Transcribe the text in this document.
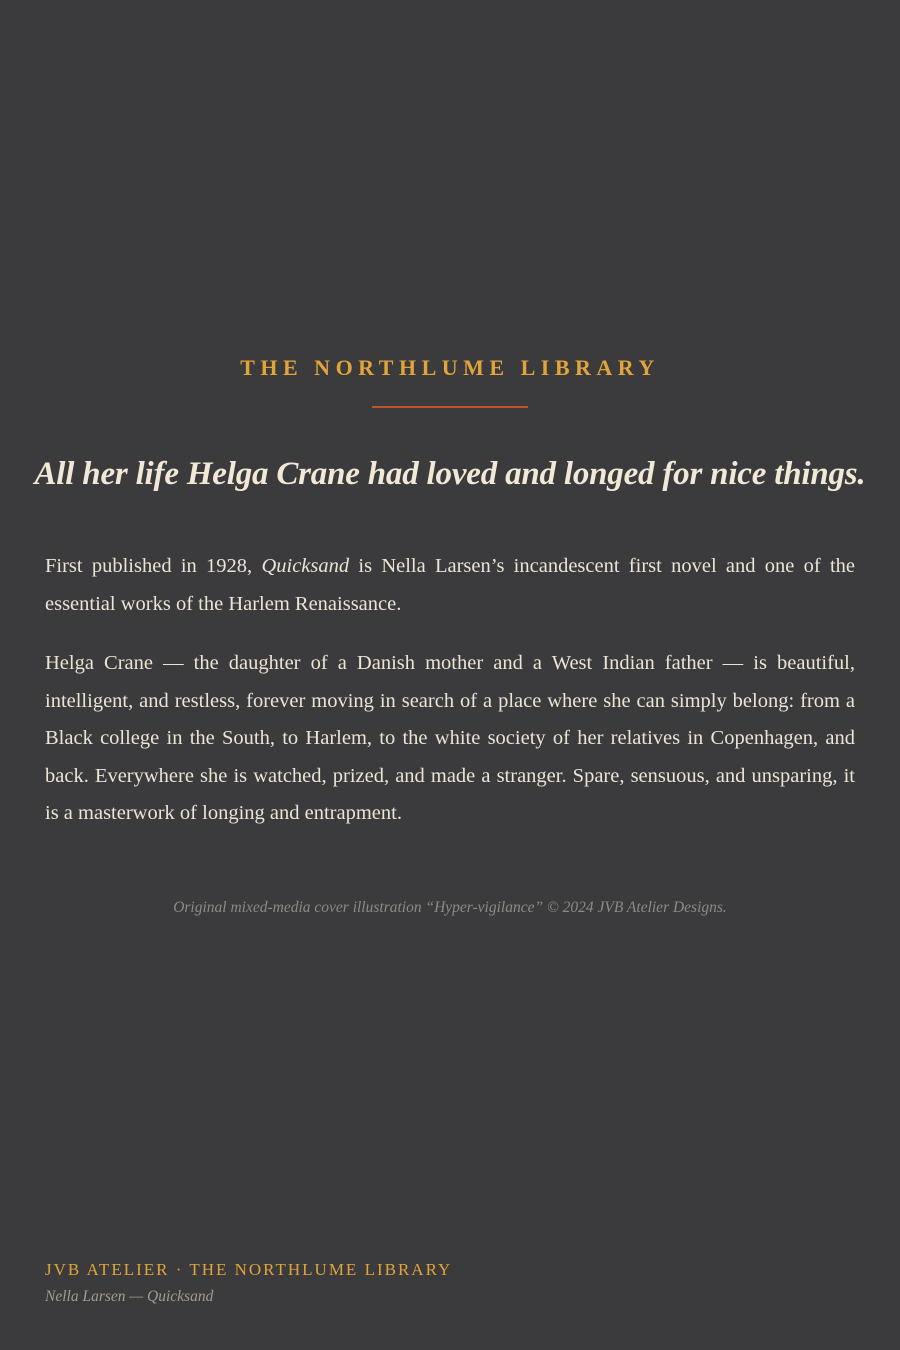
THE NORTHLUME LIBRARY
All her life Helga Crane had loved and longed for nice things.

First published in 1928, Quicksand is Nella Larsen’s incandescent first novel and one of the essential works of the Harlem Renaissance.

Helga Crane — the daughter of a Danish mother and a West Indian father — is beautiful, intelligent, and restless, forever moving in search of a place where she can simply belong: from a Black college in the South, to Harlem, to the white society of her relatives in Copenhagen, and back. Everywhere she is watched, prized, and made a stranger. Spare, sensuous, and unsparing, it is a masterwork of longing and entrapment.

Original mixed-media cover illustration “Hyper-vigilance” © 2024 JVB Atelier Designs.

JVB ATELIER · THE NORTHLUME LIBRARY

Nella Larsen — Quicksand
